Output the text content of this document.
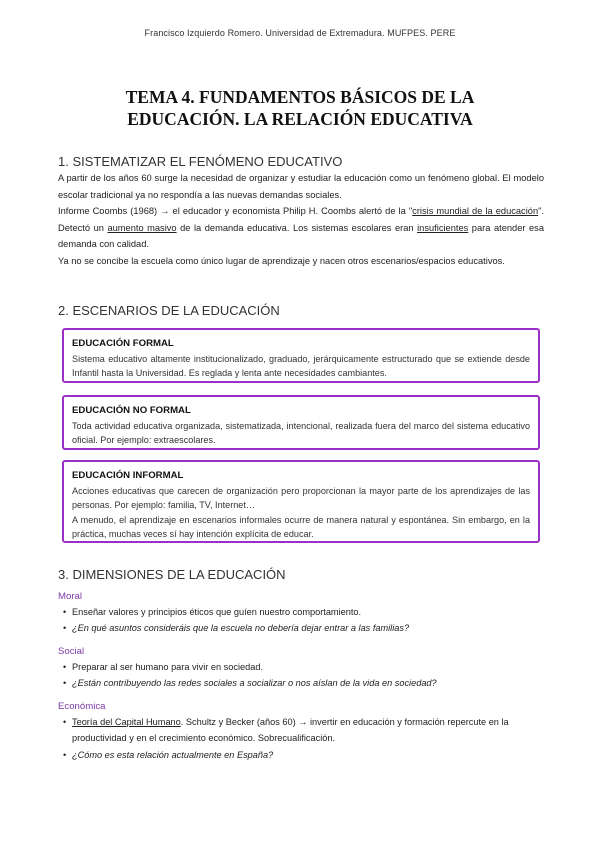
Francisco Izquierdo Romero. Universidad de Extremadura. MUFPES. PERE
TEMA 4. FUNDAMENTOS BÁSICOS DE LA
EDUCACIÓN. LA RELACIÓN EDUCATIVA
1. SISTEMATIZAR EL FENÓMENO EDUCATIVO

A partir de los años 60 surge la necesidad de organizar y estudiar la educación como un fenómeno global. El modelo escolar tradicional ya no respondía a las nuevas demandas sociales.

Informe Coombs (1968) → el educador y economista Philip H. Coombs alertó de la "crisis mundial de la educación". Detectó un aumento masivo de la demanda educativa. Los sistemas escolares eran insuficientes para atender esa demanda con calidad.

Ya no se concibe la escuela como único lugar de aprendizaje y nacen otros escenarios/espacios educativos.

2. ESCENARIOS DE LA EDUCACIÓN
EDUCACIÓN FORMAL

Sistema educativo altamente institucionalizado, graduado, jerárquicamente estructurado que se extiende desde Infantil hasta la Universidad. Es reglada y lenta ante necesidades cambiantes.

EDUCACIÓN NO FORMAL

Toda actividad educativa organizada, sistematizada, intencional, realizada fuera del marco del sistema educativo oficial. Por ejemplo: extraescolares.

EDUCACIÓN INFORMAL

Acciones educativas que carecen de organización pero proporcionan la mayor parte de los aprendizajes de las personas. Por ejemplo: familia, TV, Internet…

A menudo, el aprendizaje en escenarios informales ocurre de manera natural y espontánea. Sin embargo, en la práctica, muchas veces sí hay intención explícita de educar.

3. DIMENSIONES DE LA EDUCACIÓN
Moral
• Enseñar valores y principios éticos que guíen nuestro comportamiento.
• ¿En qué asuntos consideráis que la escuela no debería dejar entrar a las familias?
Social
• Preparar al ser humano para vivir en sociedad.
• ¿Están contribuyendo las redes sociales a socializar o nos aíslan de la vida en sociedad?
Económica
• Teoría del Capital Humano. Schultz y Becker (años 60) → invertir en educación y formación repercute en la productividad y en el crecimiento económico. Sobrecualificación.
• ¿Cómo es esta relación actualmente en España?
